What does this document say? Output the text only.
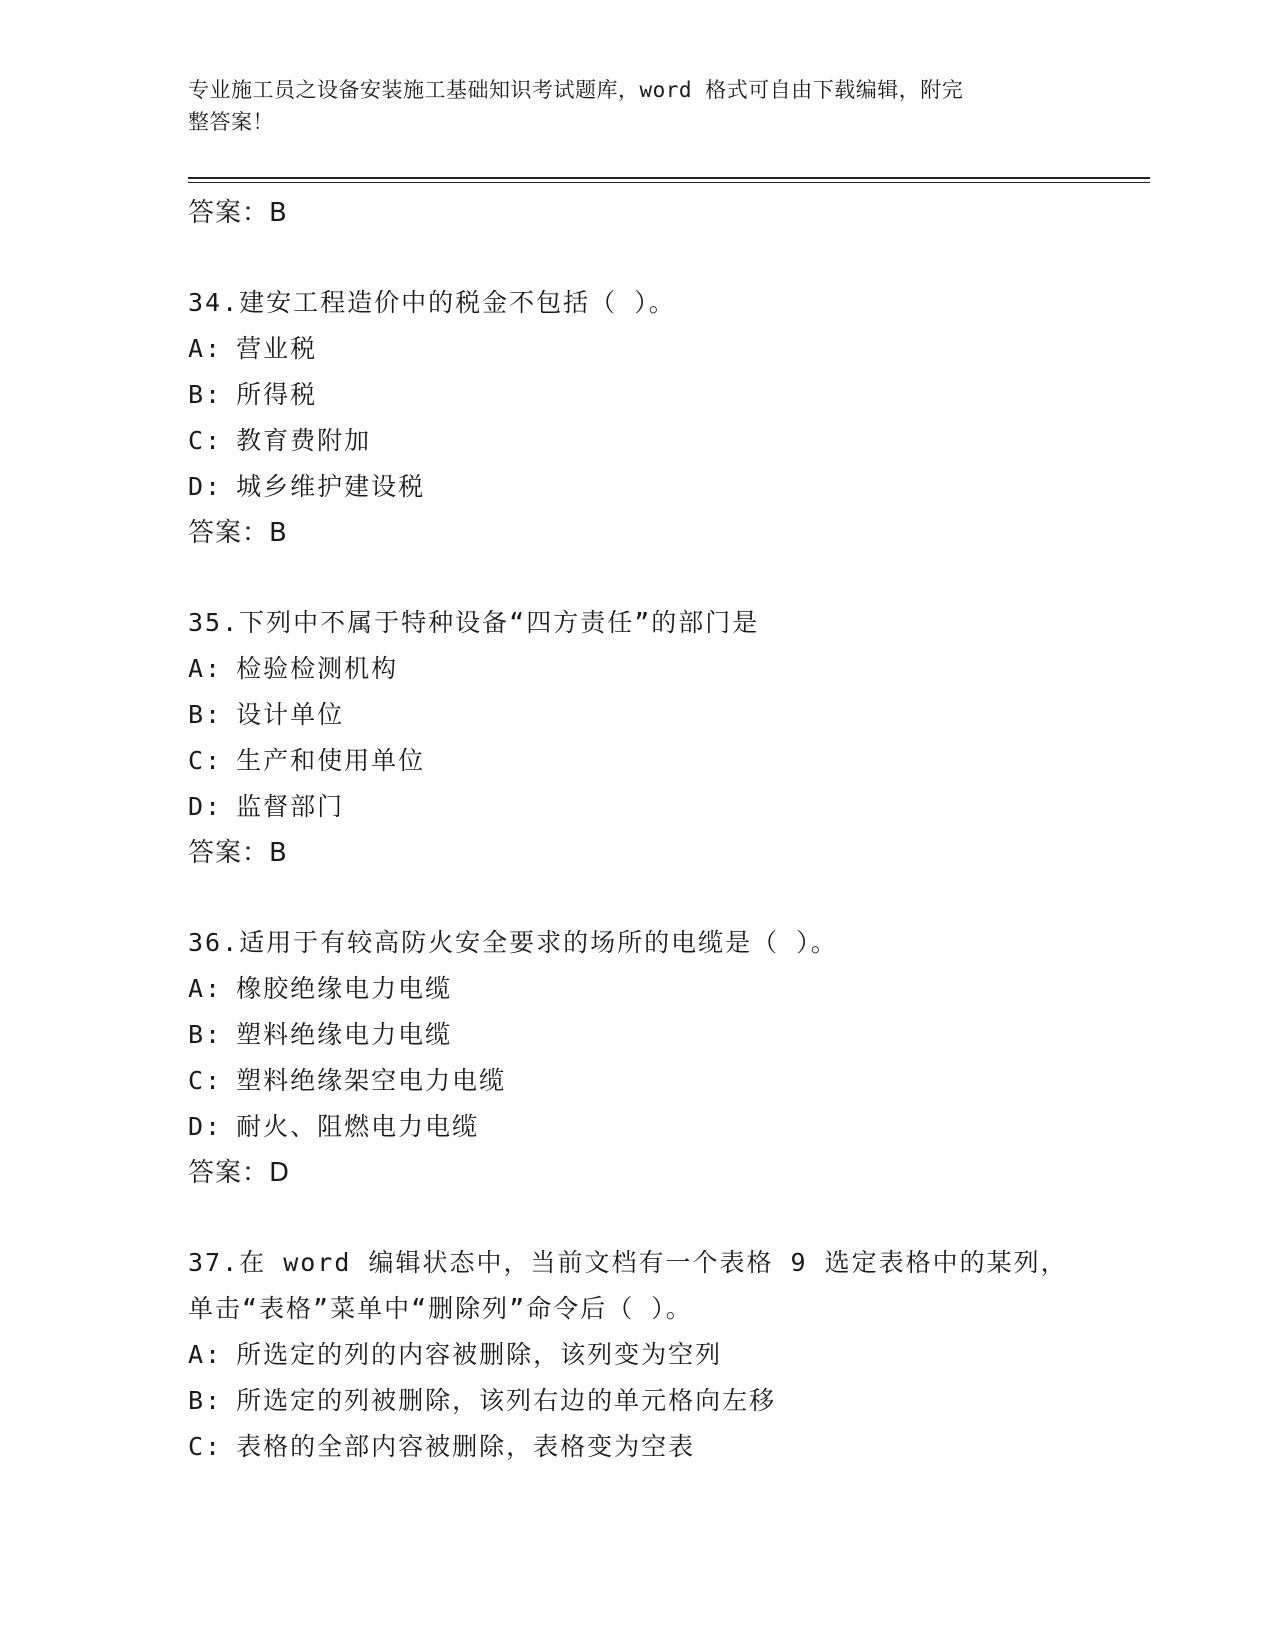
专业施工员之设备安装施工基础知识考试题库，word 格式可自由下载编辑，附完
整答案！
答案：B
34.建安工程造价中的税金不包括（ ）。
A: 营业税
B: 所得税
C: 教育费附加
D: 城乡维护建设税
答案：B
35.下列中不属于特种设备“四方责任”的部门是
A: 检验检测机构
B: 设计单位
C: 生产和使用单位
D: 监督部门
答案：B
36.适用于有较高防火安全要求的场所的电缆是（ ）。
A: 橡胶绝缘电力电缆
B: 塑料绝缘电力电缆
C: 塑料绝缘架空电力电缆
D: 耐火、阻燃电力电缆
答案：D
37.在 word 编辑状态中，当前文档有一个表格 9 选定表格中的某列，
单击“表格”菜单中“删除列”命令后（ ）。
A: 所选定的列的内容被删除，该列变为空列
B: 所选定的列被删除，该列右边的单元格向左移
C: 表格的全部内容被删除，表格变为空表
